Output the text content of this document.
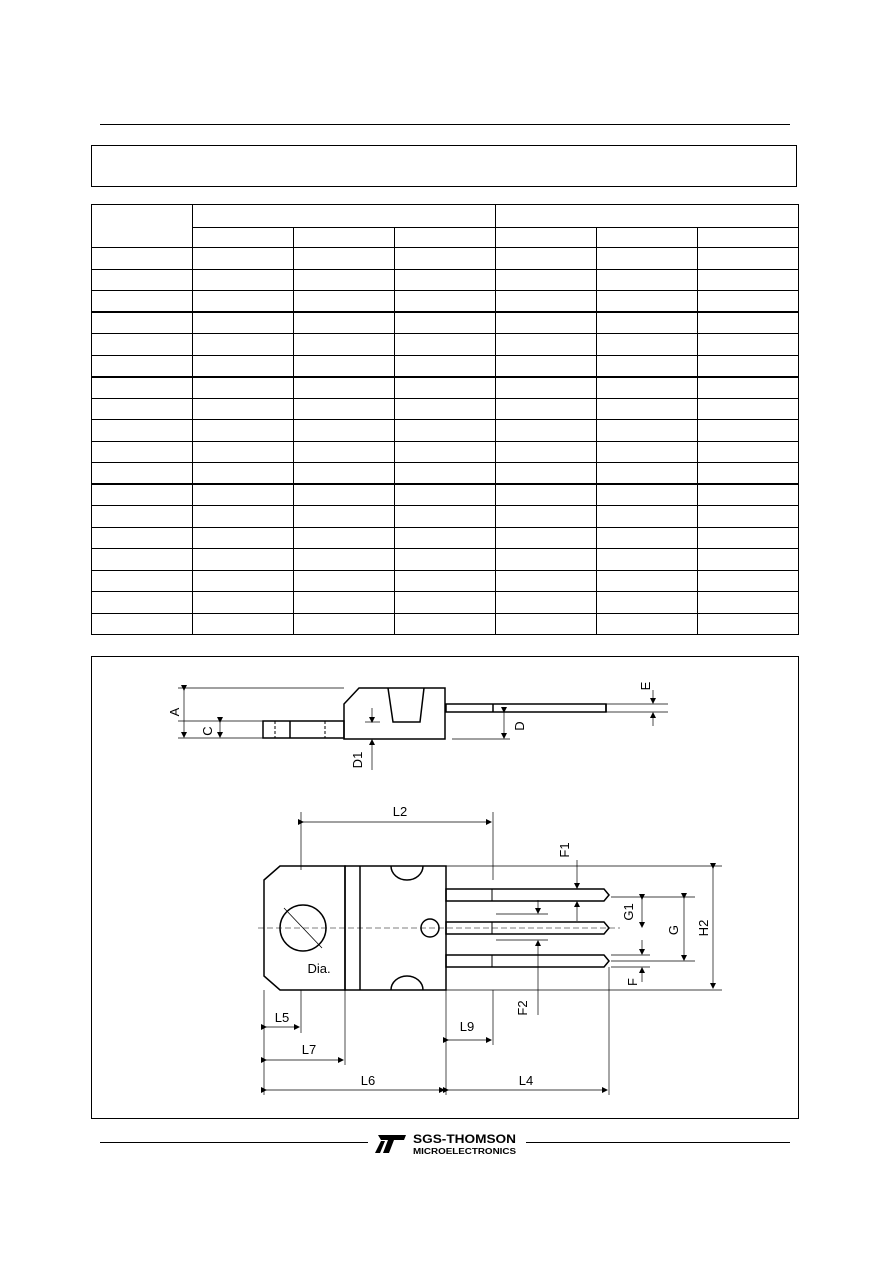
A
C
D
D1
E
L2
F1
G1
G H2
Dia.
F2
F
L5
L7
L9
L6	L4
SGS-THOMSON
MICROELECTRONICS
